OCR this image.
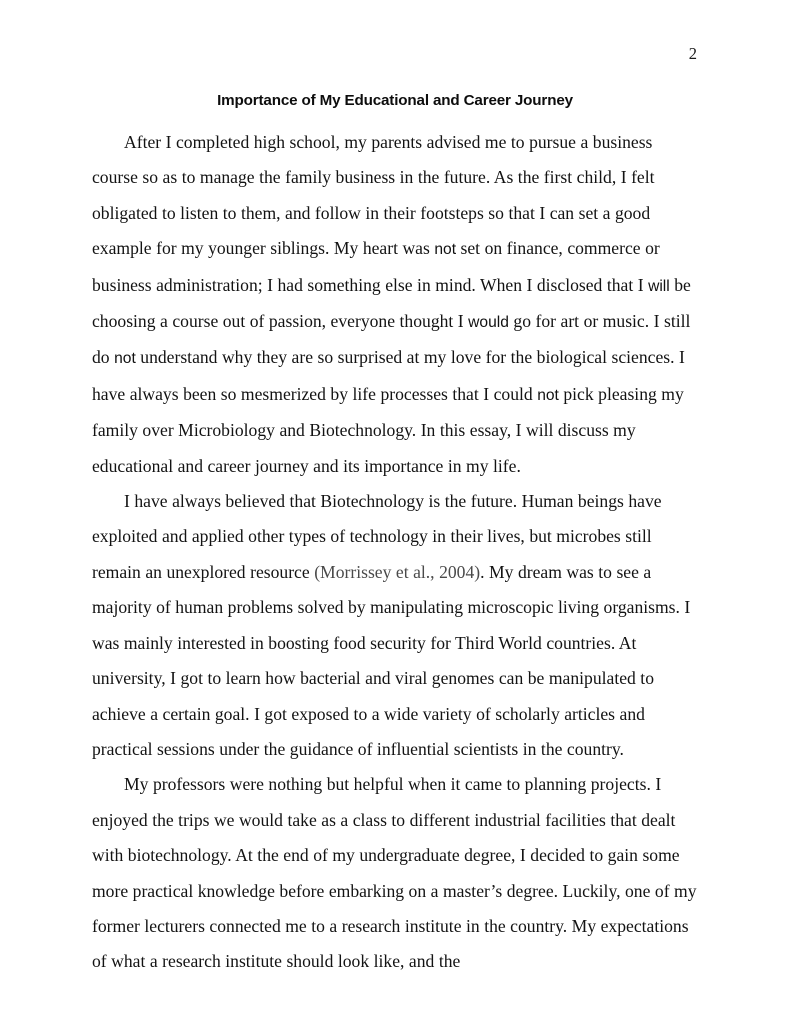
2
Importance of My Educational and Career Journey

After I completed high school, my parents advised me to pursue a business course so as to manage the family business in the future. As the first child, I felt obligated to listen to them, and follow in their footsteps so that I can set a good example for my younger siblings. My heart was not set on finance, commerce or business administration; I had something else in mind. When I disclosed that I will be choosing a course out of passion, everyone thought I would go for art or music. I still do not understand why they are so surprised at my love for the biological sciences. I have always been so mesmerized by life processes that I could not pick pleasing my family over Microbiology and Biotechnology. In this essay, I will discuss my educational and career journey and its importance in my life.

I have always believed that Biotechnology is the future. Human beings have exploited and applied other types of technology in their lives, but microbes still remain an unexplored resource (Morrissey et al., 2004). My dream was to see a majority of human problems solved by manipulating microscopic living organisms. I was mainly interested in boosting food security for Third World countries. At university, I got to learn how bacterial and viral genomes can be manipulated to achieve a certain goal. I got exposed to a wide variety of scholarly articles and practical sessions under the guidance of influential scientists in the country.

My professors were nothing but helpful when it came to planning projects. I enjoyed the trips we would take as a class to different industrial facilities that dealt with biotechnology. At the end of my undergraduate degree, I decided to gain some more practical knowledge before embarking on a master’s degree. Luckily, one of my former lecturers connected me to a research institute in the country. My expectations of what a research institute should look like, and the
